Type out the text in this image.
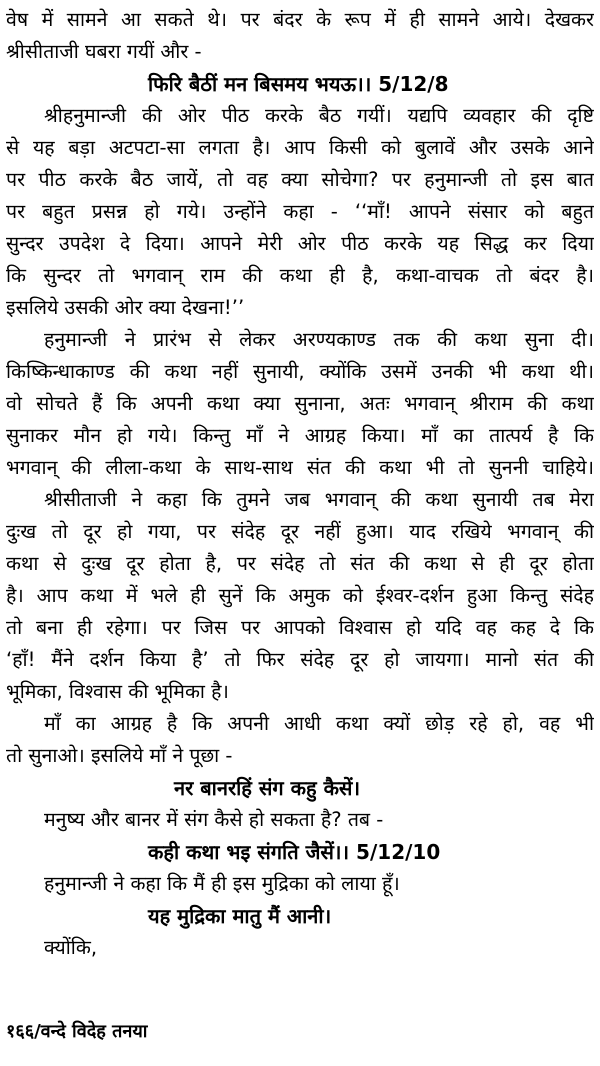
वेष में सामने आ सकते थे। पर बंदर के रूप में ही सामने आये। देखकर
श्रीसीताजी घबरा गयीं और -
फिरि बैठीं मन बिसमय भयऊ।। 5/12/8
श्रीहनुमान्जी की ओर पीठ करके बैठ गयीं। यद्यपि व्यवहार की दृष्टि
से यह बड़ा अटपटा-सा लगता है। आप किसी को बुलावें और उसके आने
पर पीठ करके बैठ जायें, तो वह क्या सोचेगा? पर हनुमान्जी तो इस बात
पर बहुत प्रसन्न हो गये। उन्होंने कहा - ‘‘माँ! आपने संसार को बहुत
सुन्दर उपदेश दे दिया। आपने मेरी ओर पीठ करके यह सिद्ध कर दिया
कि सुन्दर तो भगवान् राम की कथा ही है, कथा-वाचक तो बंदर है।
इसलिये उसकी ओर क्या देखना!’’
हनुमान्जी ने प्रारंभ से लेकर अरण्यकाण्ड तक की कथा सुना दी।
किष्किन्धाकाण्ड की कथा नहीं सुनायी, क्योंकि उसमें उनकी भी कथा थी।
वो सोचते हैं कि अपनी कथा क्या सुनाना, अतः भगवान् श्रीराम की कथा
सुनाकर मौन हो गये। किन्तु माँ ने आग्रह किया। माँ का तात्पर्य है कि
भगवान् की लीला-कथा के साथ-साथ संत की कथा भी तो सुननी चाहिये।
श्रीसीताजी ने कहा कि तुमने जब भगवान् की कथा सुनायी तब मेरा
दुःख तो दूर हो गया, पर संदेह दूर नहीं हुआ। याद रखिये भगवान् की
कथा से दुःख दूर होता है, पर संदेह तो संत की कथा से ही दूर होता
है। आप कथा में भले ही सुनें कि अमुक को ईश्वर-दर्शन हुआ किन्तु संदेह
तो बना ही रहेगा। पर जिस पर आपको विश्वास हो यदि वह कह दे कि
‘हाँ! मैंने दर्शन किया है’ तो फिर संदेह दूर हो जायगा। मानो संत की
भूमिका, विश्वास की भूमिका है।
माँ का आग्रह है कि अपनी आधी कथा क्यों छोड़ रहे हो, वह भी
तो सुनाओ। इसलिये माँ ने पूछा -
नर बानरहिं संग कहु कैसें।
मनुष्य और बानर में संग कैसे हो सकता है? तब -
कही कथा भइ संगति जैसें।। 5/12/10
हनुमान्जी ने कहा कि मैं ही इस मुद्रिका को लाया हूँ।
यह मुद्रिका मातु मैं आनी।
क्योंकि,
१६६/वन्दे विदेह तनया
